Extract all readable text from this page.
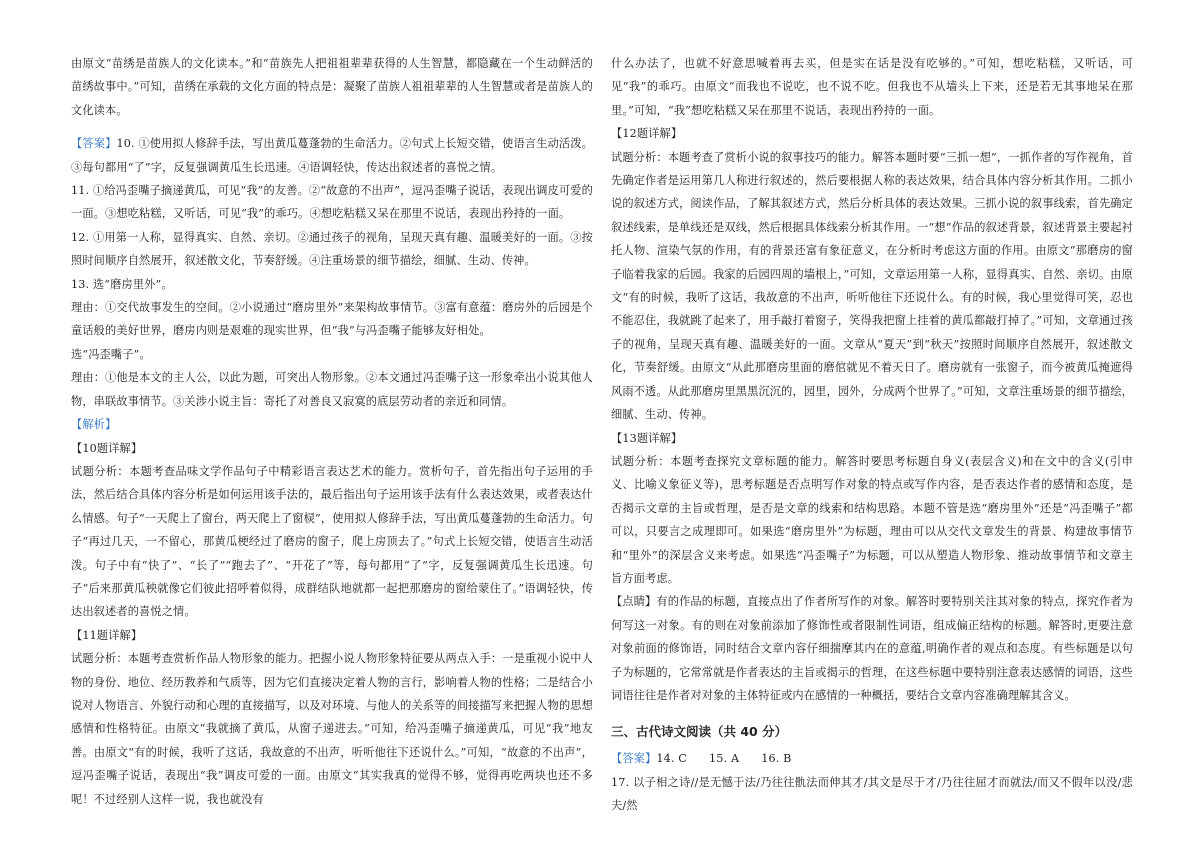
由原文“苗绣是苗族人的文化读本。”和“苗族先人把祖祖辈辈获得的人生智慧，都隐藏在一个生动鲜活的苗绣故事中。”可知，苗绣在承载的文化方面的特点是：凝聚了苗族人祖祖辈辈的人生智慧或者是苗族人的文化读本。

【答案】10. ①使用拟人修辞手法，写出黄瓜蔓蓬勃的生命活力。②句式上长短交错，使语言生动活泼。③每句都用“了”字，反复强调黄瓜生长迅速。④语调轻快，传达出叙述者的喜悦之情。

11. ①给冯歪嘴子摘递黄瓜，可见“我”的友善。②“故意的不出声”，逗冯歪嘴子说话，表现出调皮可爱的一面。③想吃粘糕，又听话，可见“我”的乖巧。④想吃粘糕又呆在那里不说话，表现出矜持的一面。

12. ①用第一人称，显得真实、自然、亲切。②通过孩子的视角，呈现天真有趣、温暖美好的一面。③按照时间顺序自然展开，叙述散文化，节奏舒缓。④注重场景的细节描绘，细腻、生动、传神。

13. 选“磨房里外”。

理由：①交代故事发生的空间。②小说通过“磨房里外”来架构故事情节。③富有意蕴：磨房外的后园是个童话般的美好世界，磨房内则是艰难的现实世界，但“我”与冯歪嘴子能够友好相处。

选“冯歪嘴子”。

理由：①他是本文的主人公，以此为题，可突出人物形象。②本文通过冯歪嘴子这一形象牵出小说其他人物，串联故事情节。③关涉小说主旨：寄托了对善良又寂寞的底层劳动者的亲近和同情。

【解析】

【10题详解】

试题分析：本题考查品味文学作品句子中精彩语言表达艺术的能力。赏析句子，首先指出句子运用的手法，然后结合具体内容分析是如何运用该手法的，最后指出句子运用该手法有什么表达效果，或者表达什么情感。句子“一天爬上了窗台，两天爬上了窗棂”，使用拟人修辞手法，写出黄瓜蔓蓬勃的生命活力。句子“再过几天，一不留心，那黄瓜梗经过了磨房的窗子，爬上房顶去了。”句式上长短交错，使语言生动活泼。句子中有“快了”、“长了”“跑去了”、“开花了”等，每句都用“了”字，反复强调黄瓜生长迅速。句子“后来那黄瓜秧就像它们彼此招呼着似得，成群结队地就都一起把那磨房的窗给蒙住了。”语调轻快，传达出叙述者的喜悦之情。

【11题详解】

试题分析：本题考查赏析作品人物形象的能力。把握小说人物形象特征要从两点入手：一是重视小说中人物的身份、地位、经历教养和气质等，因为它们直接决定着人物的言行，影响着人物的性格；二是结合小说对人物语言、外貌行动和心理的直接描写，以及对环境、与他人的关系等的间接描写来把握人物的思想感情和性格特征。由原文“我就摘了黄瓜，从窗子递进去。”可知，给冯歪嘴子摘递黄瓜，可见“我”地友善。由原文“有的时候，我听了这话，我故意的不出声，听听他往下还说什么。”可知，“故意的不出声”，逗冯歪嘴子说话，表现出“我”调皮可爱的一面。由原文“其实我真的觉得不够，觉得再吃两块也还不多呢！不过经别人这样一说，我也就没有

什么办法了，也就不好意思喊着再去买，但是实在话是没有吃够的。”可知，想吃粘糕，又听话，可见“我”的乖巧。由原文“而我也不说吃，也不说不吃。但我也不从墙头上下来，还是若无其事地呆在那里。”可知，“我”想吃粘糕又呆在那里不说话，表现出矜持的一面。

【12题详解】

试题分析：本题考查了赏析小说的叙事技巧的能力。解答本题时要“三抓一想”，一抓作者的写作视角，首先确定作者是运用第几人称进行叙述的，然后要根据人称的表达效果，结合具体内容分析其作用。二抓小说的叙述方式，阅读作品，了解其叙述方式，然后分析具体的表达效果。三抓小说的叙事线索，首先确定叙述线索，是单线还是双线，然后根据具体线索分析其作用。一“想”作品的叙述背景，叙述背景主要起衬托人物、渲染气氛的作用，有的背景还富有象征意义，在分析时考虑这方面的作用。由原文“那磨房的窗子临着我家的后园。我家的后园四周的墙根上，”可知，文章运用第一人称，显得真实、自然、亲切。由原文“有的时候，我听了这话，我故意的不出声，听听他往下还说什么。有的时候，我心里觉得可笑，忍也不能忍住，我就跳了起来了，用手敲打着窗子，笑得我把窗上挂着的黄瓜都敲打掉了。”可知，文章通过孩子的视角，呈现天真有趣、温暖美好的一面。文章从“夏天”到“秋天”按照时间顺序自然展开，叙述散文化，节奏舒缓。由原文“从此那磨房里面的磨倌就见不着天日了。磨房就有一张窗子，而今被黄瓜掩遮得风雨不透。从此那磨房里黑黑沉沉的，园里，园外，分成两个世界了。”可知，文章注重场景的细节描绘，细腻、生动、传神。

【13题详解】

试题分析：本题考查探究文章标题的能力。解答时要思考标题自身义(表层含义)和在文中的含义(引申义、比喻义象征义等)，思考标题是否点明写作对象的特点或写作内容，是否表达作者的感情和态度，是否揭示文章的主旨或哲理，是否是文章的线索和结构思路。本题不管是选“磨房里外”还是“冯歪嘴子”都可以，只要言之成理即可。如果选“磨房里外”为标题，理由可以从交代文章发生的背景、构建故事情节和“里外”的深层含义来考虑。如果选“冯歪嘴子”为标题，可以从塑造人物形象、推动故事情节和文章主旨方面考虑。

【点睛】有的作品的标题，直接点出了作者所写作的对象。解答时要特别关注其对象的特点，探究作者为何写这一对象。有的则在对象前添加了修饰性或者限制性词语，组成偏正结构的标题。解答时,更要注意对象前面的修饰语，同时结合文章内容仔细揣摩其内在的意蕴,明确作者的观点和态度。有些标题是以句子为标题的，它常常就是作者表达的主旨或揭示的哲理，在这些标题中要特别注意表达感情的词语，这些词语往往是作者对对象的主体特征或内在感情的一种概括，要结合文章内容准确理解其含义。

三、古代诗文阅读（共 40 分）

【答案】14. C 15. A 16. B

17. 以子相之诗//是无憾于法/乃往往骩法而伸其才/其文是尽于才/乃往往屈才而就法/而又不假年以没/悲夫/然
